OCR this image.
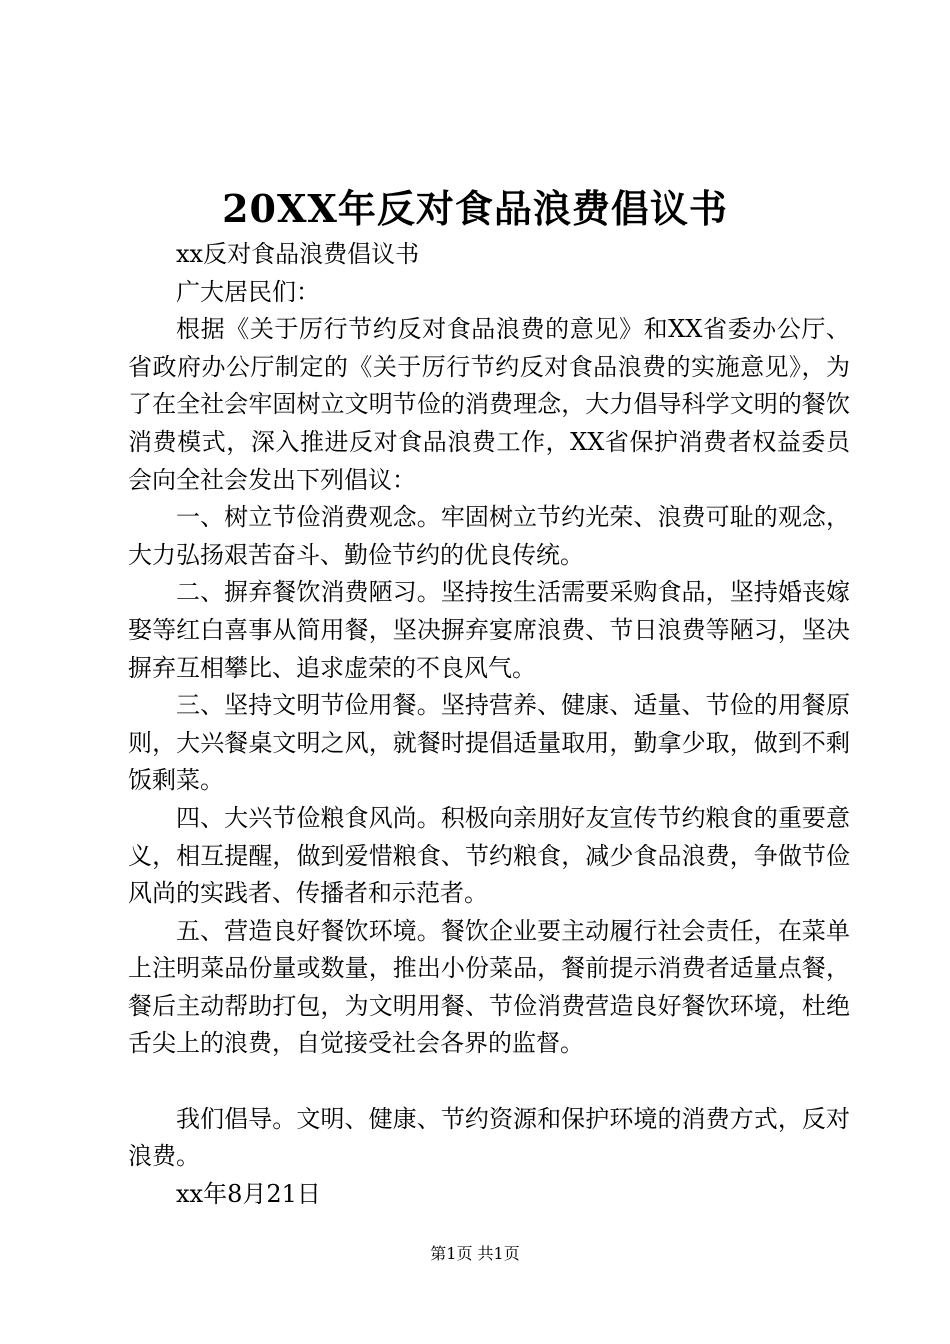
20XX年反对食品浪费倡议书

xx反对食品浪费倡议书

广大居民们：

根据《关于厉行节约反对食品浪费的意见》和XX省委办公厅、省政府办公厅制定的《关于厉行节约反对食品浪费的实施意见》，为了在全社会牢固树立文明节俭的消费理念，大力倡导科学文明的餐饮消费模式，深入推进反对食品浪费工作，XX省保护消费者权益委员会向全社会发出下列倡议：

一、树立节俭消费观念。牢固树立节约光荣、浪费可耻的观念，大力弘扬艰苦奋斗、勤俭节约的优良传统。

二、摒弃餐饮消费陋习。坚持按生活需要采购食品，坚持婚丧嫁娶等红白喜事从简用餐，坚决摒弃宴席浪费、节日浪费等陋习，坚决摒弃互相攀比、追求虚荣的不良风气。

三、坚持文明节俭用餐。坚持营养、健康、适量、节俭的用餐原则，大兴餐桌文明之风，就餐时提倡适量取用，勤拿少取，做到不剩饭剩菜。

四、大兴节俭粮食风尚。积极向亲朋好友宣传节约粮食的重要意义，相互提醒，做到爱惜粮食、节约粮食，减少食品浪费，争做节俭风尚的实践者、传播者和示范者。

五、营造良好餐饮环境。餐饮企业要主动履行社会责任，在菜单上注明菜品份量或数量，推出小份菜品，餐前提示消费者适量点餐，餐后主动帮助打包，为文明用餐、节俭消费营造良好餐饮环境，杜绝舌尖上的浪费，自觉接受社会各界的监督。

我们倡导。文明、健康、节约资源和保护环境的消费方式，反对浪费。

xx年8月21日

第1页 共1页
